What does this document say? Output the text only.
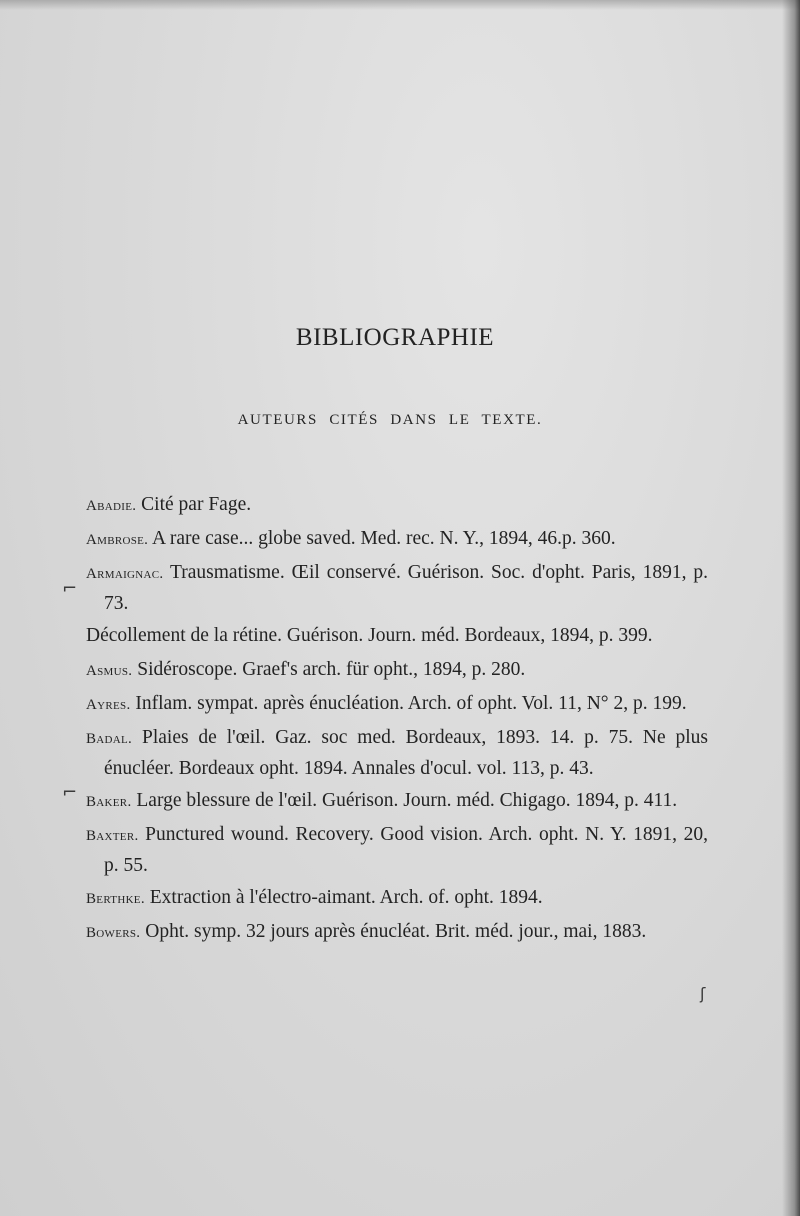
BIBLIOGRAPHIE
AUTEURS CITÉS DANS LE TEXTE.
Abadie. Cité par Fage.
Ambrose. A rare case... globe saved. Med. rec. N. Y., 1894, 46.p. 360.
Armaignac. Trausmatisme. Œil conservé. Guérison. Soc. d'opht. Paris, 1891, p. 73.
Décollement de la rétine. Guérison. Journ. méd. Bordeaux, 1894, p. 399.
Asmus. Sidéroscope. Graef's arch. für opht., 1894, p. 280.
Ayres. Inflam. sympat. après énucléation. Arch. of opht. Vol. 11, N° 2, p. 199.
Badal. Plaies de l'œil. Gaz. soc med. Bordeaux, 1893. 14. p. 75. Ne plus énucléer. Bordeaux opht. 1894. Annales d'ocul. vol. 113, p. 43.
Baker. Large blessure de l'œil. Guérison. Journ. méd. Chigago. 1894, p. 411.
Baxter. Punctured wound. Recovery. Good vision. Arch. opht. N. Y. 1891, 20, p. 55.
Berthke. Extraction à l'électro-aimant. Arch. of. opht. 1894.
Bowers. Opht. symp. 32 jours après énucléat. Brit. méd. jour., mai, 1883.
⌐
⌐
ʃ
